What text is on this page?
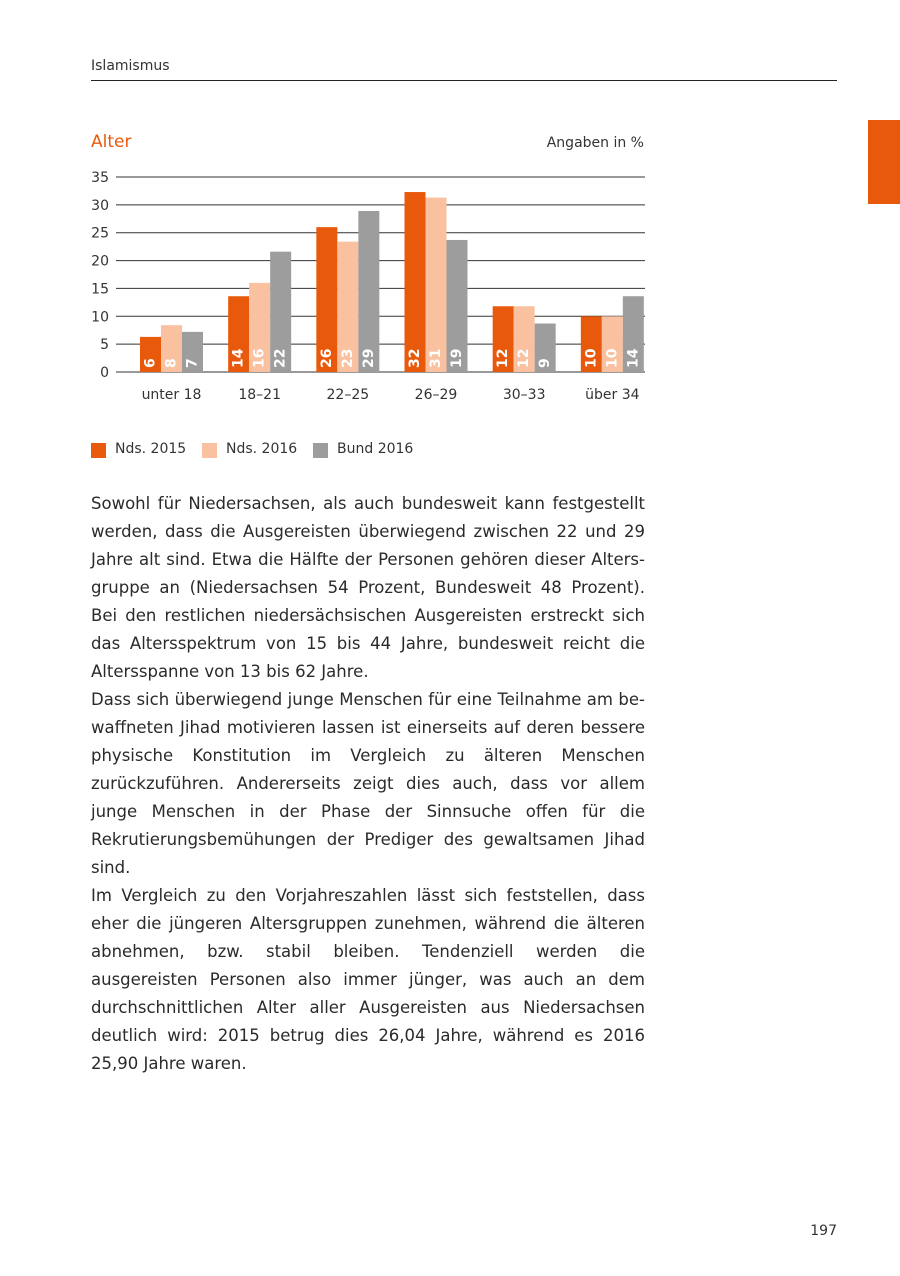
Islamismus
Alter	Angaben in %
0
5
10
15
20
25
30
35
6 8 7
unter 18
14 16 22
18–21
26 23 29
22–25
32 31 19
26–29
12 12 9
30–33
10 10 14
über 34
Nds. 2015	Nds. 2016	Bund 2016

Sowohl für Niedersachsen, als auch bundesweit kann festgestellt werden, dass die Ausgereisten überwiegend zwischen 22 und 29 Jahre alt sind. Etwa die Hälfte der Personen gehören dieser Altersgruppe an (Niedersachsen 54 Prozent, Bundesweit 48 Prozent). Bei den restlichen niedersächsischen Ausgereisten erstreckt sich das Altersspektrum von 15 bis 44 Jahre, bundesweit reicht die Altersspanne von 13 bis 62 Jahre.

Dass sich überwiegend junge Menschen für eine Teilnahme am bewaffneten Jihad motivieren lassen ist einerseits auf deren bessere physische Konstitution im Vergleich zu älteren Menschen zurückzuführen. Andererseits zeigt dies auch, dass vor allem junge Menschen in der Phase der Sinnsuche offen für die Rekrutierungsbemühungen der Prediger des gewaltsamen Jihad sind.

Im Vergleich zu den Vorjahreszahlen lässt sich feststellen, dass eher die jüngeren Altersgruppen zunehmen, während die älteren abnehmen, bzw. stabil bleiben. Tendenziell werden die ausgereisten Personen also immer jünger, was auch an dem durchschnittlichen Alter aller Ausgereisten aus Niedersachsen deutlich wird: 2015 betrug dies 26,04 Jahre, während es 2016 25,90 Jahre waren.

197
